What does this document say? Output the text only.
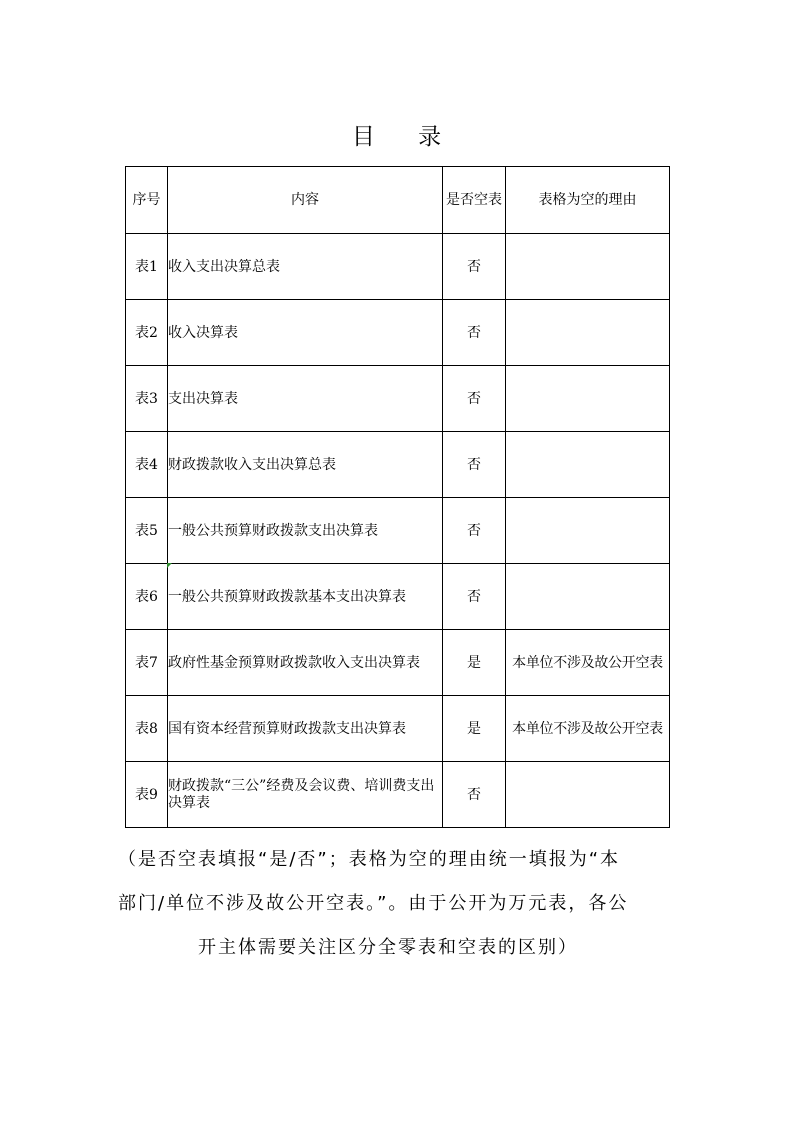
目 录
序号	内容	是否空表	表格为空的理由
表1	收入支出决算总表	否	
表2	收入决算表	否	
表3	支出决算表	否	
表4	财政拨款收入支出决算总表	否	
表5	一般公共预算财政拨款支出决算表	否	
表6	一般公共预算财政拨款基本支出决算表	否	
表7	政府性基金预算财政拨款收入支出决算表	是	本单位不涉及故公开空表
表8	国有资本经营预算财政拨款支出决算表	是	本单位不涉及故公开空表
表9	财政拨款“三公”经费及会议费、培训费支出决算表	否	
（是否空表填报“是/否”；表格为空的理由统一填报为“本
部门/单位不涉及故公开空表。”。由于公开为万元表，各公
开主体需要关注区分全零表和空表的区别）
